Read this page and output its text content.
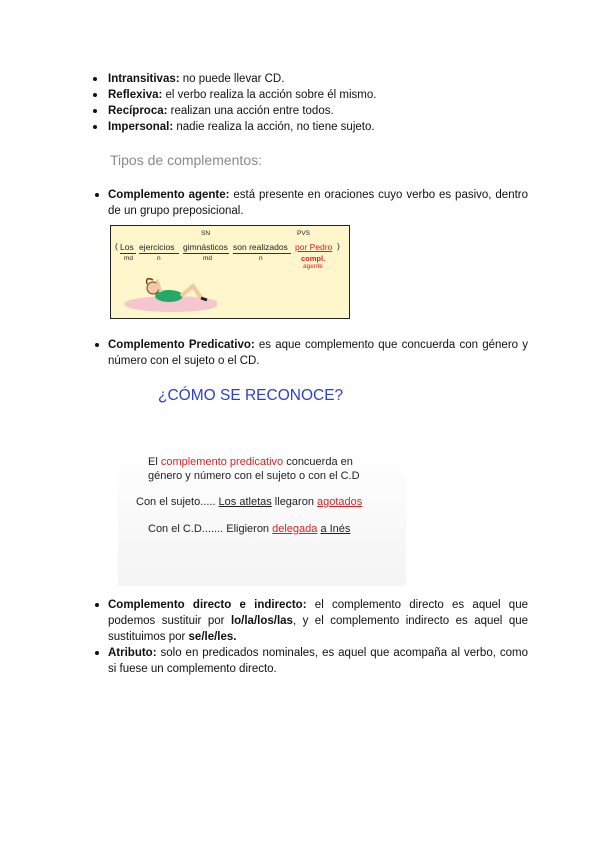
Intransitivas: no puede llevar CD.
Reflexiva: el verbo realiza la acción sobre él mismo.
Recíproca: realizan una acción entre todos.
Impersonal: nadie realiza la acción, no tiene sujeto.
Tipos de complementos:
Complemento agente: está presente en oraciones cuyo verbo es pasivo, dentro de un grupo preposicional.
SN	PVS
( Los ejercicios gimnásticos son realizados por Pedro )
md	n	md	n	compl.
agente
Complemento Predicativo: es aque complemento que concuerda con género y número con el sujeto o el CD.
¿CÓMO SE RECONOCE?
El complemento predicativo concuerda en
género y número con el sujeto o con el C.D
Con el sujeto..... Los atletas llegaron agotados
Con el C.D....... Eligieron delegada a Inés
Complemento directo e indirecto: el complemento directo es aquel que podemos sustituir por lo/la/los/las, y el complemento indirecto es aquel que sustituimos por se/le/les.
Atributo: solo en predicados nominales, es aquel que acompaña al verbo, como si fuese un complemento directo.
